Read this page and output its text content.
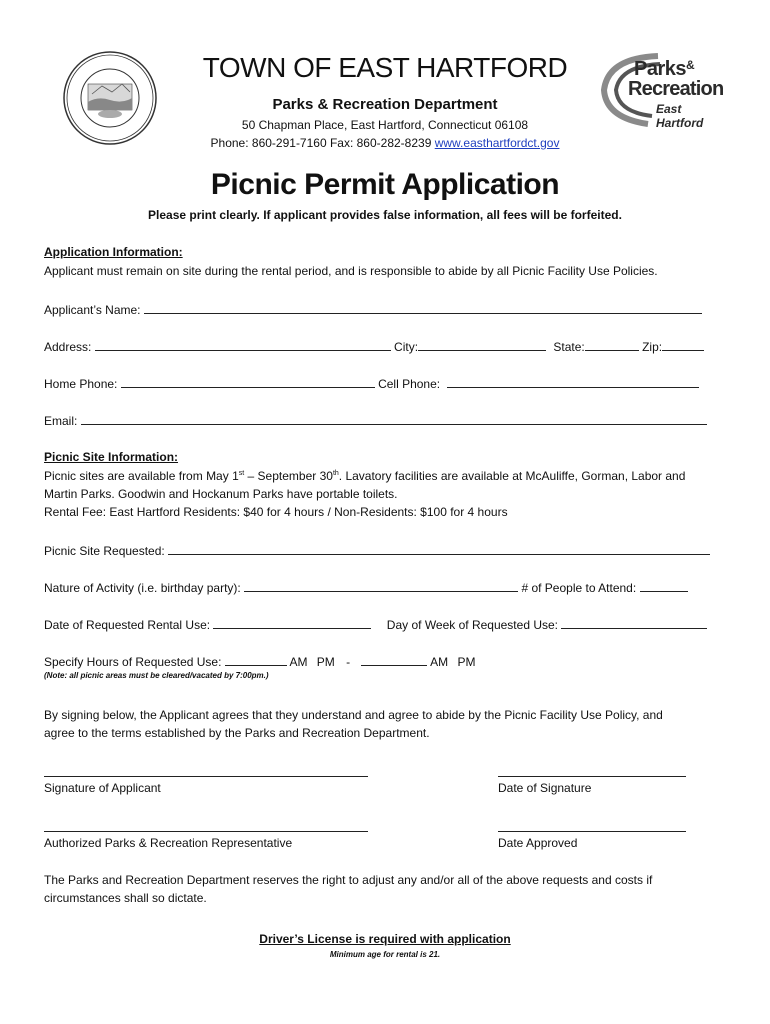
Parks&
Recreation
East Hartford
TOWN OF EAST HARTFORD
Parks & Recreation Department
50 Chapman Place, East Hartford, Connecticut 06108
Phone: 860-291-7160 Fax: 860-282-8239 www.easthartfordct.gov
Picnic Permit Application
Please print clearly. If applicant provides false information, all fees will be forfeited.
Application Information:
Applicant must remain on site during the rental period, and is responsible to abide by all Picnic Facility Use Policies.
Applicant’s Name:
Address:	City:	State:	Zip:
Home Phone:	Cell Phone:
Email:
Picnic Site Information:
Picnic sites are available from May 1st – September 30th. Lavatory facilities are available at McAuliffe, Gorman, Labor and
Martin Parks. Goodwin and Hockanum Parks have portable toilets.
Rental Fee: East Hartford Residents: $40 for 4 hours / Non-Residents: $100 for 4 hours
Picnic Site Requested:
Nature of Activity (i.e. birthday party):	# of People to Attend:
Date of Requested Rental Use:	Day of Week of Requested Use:
Specify Hours of Requested Use:	AM PM -	AM PM
(Note: all picnic areas must be cleared/vacated by 7:00pm.)
By signing below, the Applicant agrees that they understand and agree to abide by the Picnic Facility Use Policy, and
agree to the terms established by the Parks and Recreation Department.
Signature of Applicant	Date of Signature
Authorized Parks & Recreation Representative	Date Approved
The Parks and Recreation Department reserves the right to adjust any and/or all of the above requests and costs if
circumstances shall so dictate.
Driver’s License is required with application
Minimum age for rental is 21.
